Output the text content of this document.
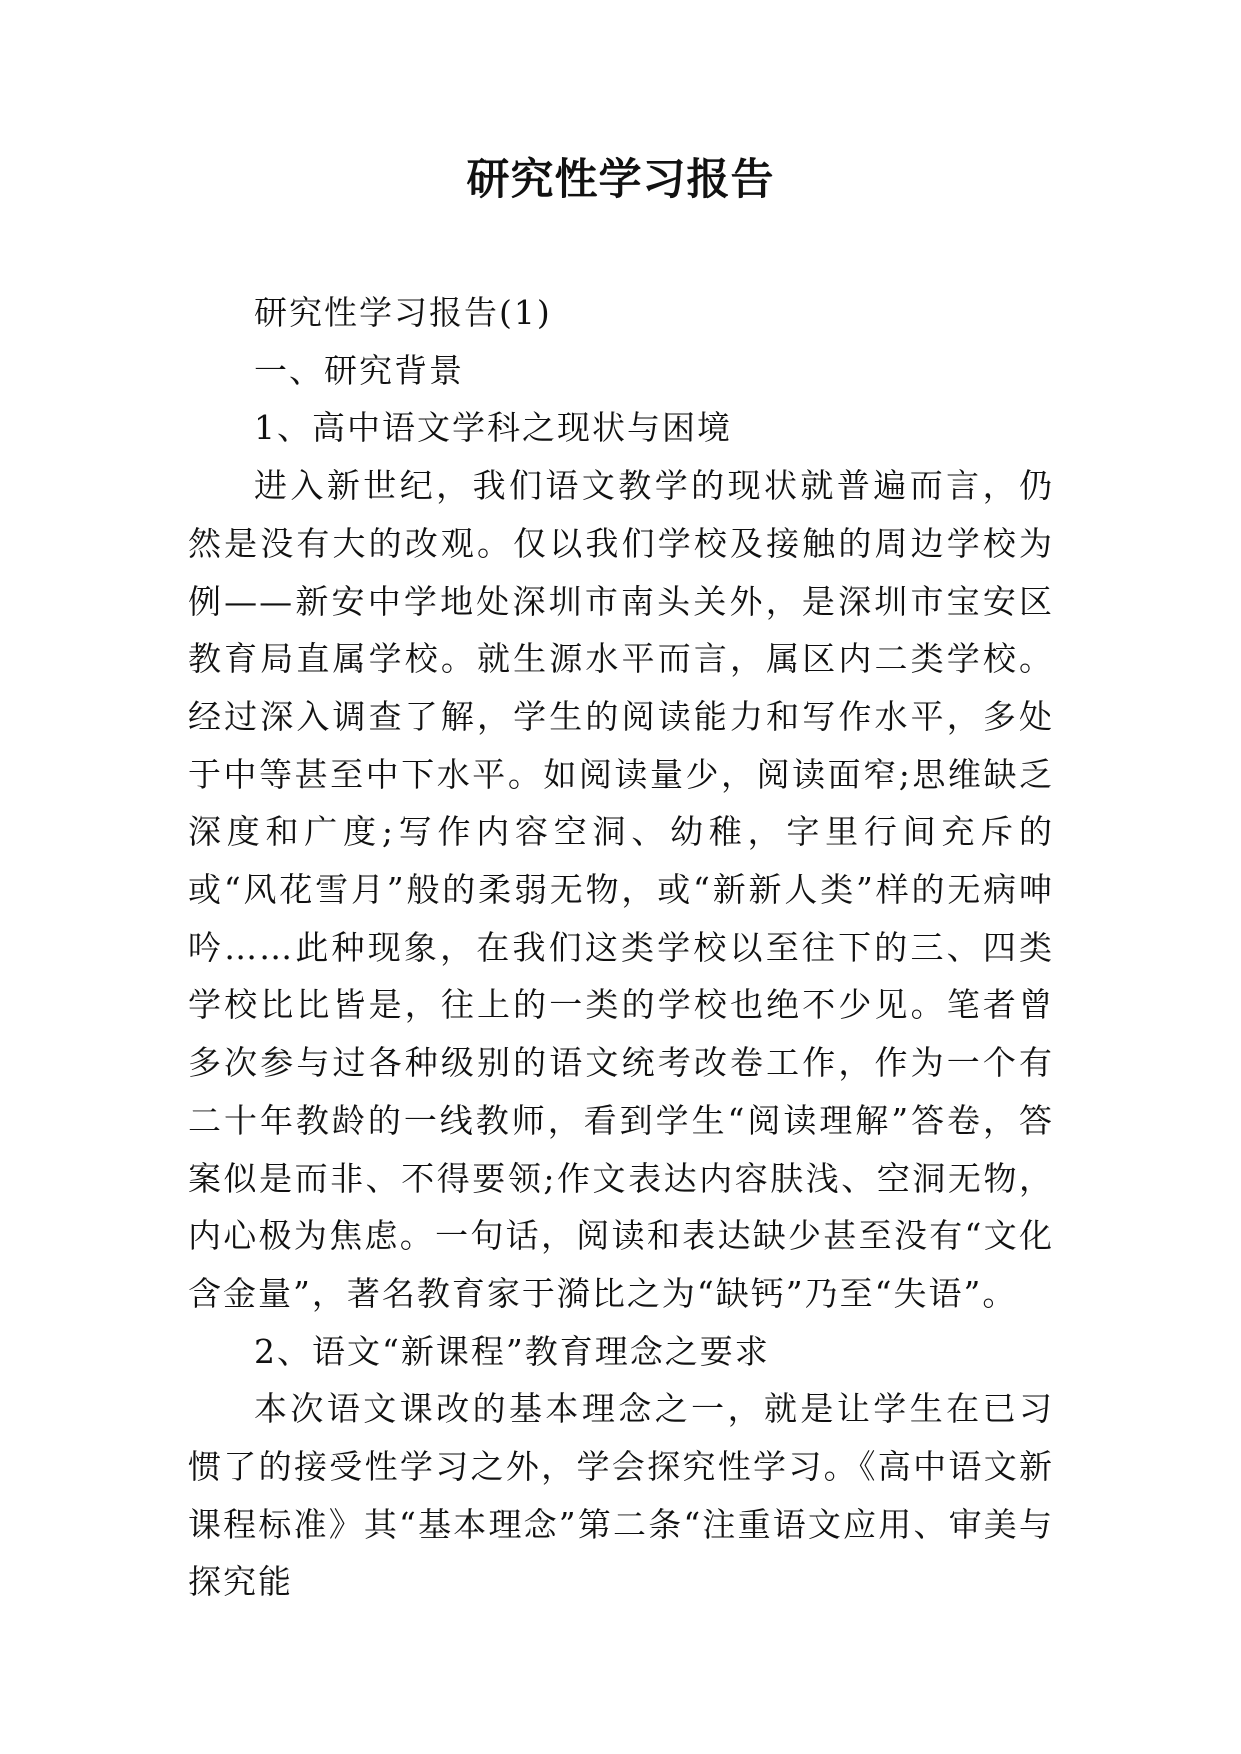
研究性学习报告

研究性学习报告(1)

一、研究背景

1、高中语文学科之现状与困境

进入新世纪，我们语文教学的现状就普遍而言，仍然是没有大的改观。仅以我们学校及接触的周边学校为例——新安中学地处深圳市南头关外，是深圳市宝安区教育局直属学校。就生源水平而言，属区内二类学校。经过深入调查了解，学生的阅读能力和写作水平，多处于中等甚至中下水平。如阅读量少，阅读面窄;思维缺乏深度和广度;写作内容空洞、幼稚，字里行间充斥的或“风花雪月”般的柔弱无物，或“新新人类”样的无病呻吟……此种现象，在我们这类学校以至往下的三、四类学校比比皆是，往上的一类的学校也绝不少见。笔者曾多次参与过各种级别的语文统考改卷工作，作为一个有二十年教龄的一线教师，看到学生“阅读理解”答卷，答案似是而非、不得要领;作文表达内容肤浅、空洞无物，内心极为焦虑。一句话，阅读和表达缺少甚至没有“文化含金量”，著名教育家于漪比之为“缺钙”乃至“失语”。

2、语文“新课程”教育理念之要求

本次语文课改的基本理念之一，就是让学生在已习惯了的接受性学习之外，学会探究性学习。《高中语文新课程标准》其“基本理念”第二条“注重语文应用、审美与探究能
